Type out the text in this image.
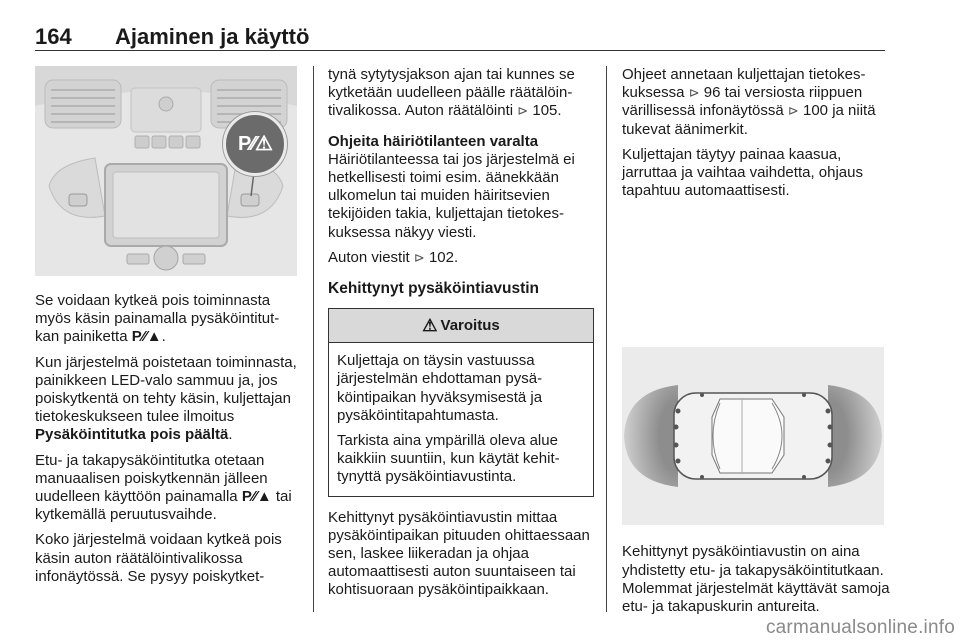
164 Ajaminen ja käyttö
P⁄⁄⚠

Se voidaan kytkeä pois toiminnasta myös käsin painamalla pysäköintitutkan painiketta P⁄⁄▲.

Kun järjestelmä poistetaan toiminnasta, painikkeen LED-valo sammuu ja, jos poiskytkentä on tehty käsin, kuljettajan tietokeskukseen tulee ilmoitus Pysäköintitutka pois päältä.

Etu- ja takapysäköintitutka otetaan manuaalisen poiskytkennän jälleen uudelleen käyttöön painamalla P⁄⁄▲ tai kytkemällä peruutusvaihde.

Koko järjestelmä voidaan kytkeä pois käsin auton räätälöintivalikossa infonäytössä. Se pysyy poiskytket-

tynä sytytysjakson ajan tai kunnes se kytketään uudelleen päälle räätälöintivalikossa. Auton räätälöinti ⊳ 105.

Ohjeita häiriötilanteen varalta

Häiriötilanteessa tai jos järjestelmä ei hetkellisesti toimi esim. äänekkään ulkomelun tai muiden häiritsevien tekijöiden takia, kuljettajan tietokeskuksessa näkyy viesti.

Auton viestit ⊳ 102.

Kehittynyt pysäköintiavustin
⚠ Varoitus

Kuljettaja on täysin vastuussa järjestelmän ehdottaman pysäköintipaikan hyväksymisestä ja pysäköintitapahtumasta.

Tarkista aina ympärillä oleva alue kaikkiin suuntiin, kun käytät kehittynyttä pysäköintiavustinta.

Kehittynyt pysäköintiavustin mittaa pysäköintipaikan pituuden ohittaessaan sen, laskee liikeradan ja ohjaa automaattisesti auton suuntaiseen tai kohtisuoraan pysäköintipaikkaan.

Ohjeet annetaan kuljettajan tietokeskuksessa ⊳ 96 tai versiosta riippuen värillisessä infonäytössä ⊳ 100 ja niitä tukevat äänimerkit.

Kuljettajan täytyy painaa kaasua, jarruttaa ja vaihtaa vaihdetta, ohjaus tapahtuu automaattisesti.

Kehittynyt pysäköintiavustin on aina yhdistetty etu- ja takapysäköintitutkaan. Molemmat järjestelmät käyttävät samoja etu- ja takapuskurin antureita.

carmanualsonline.info
